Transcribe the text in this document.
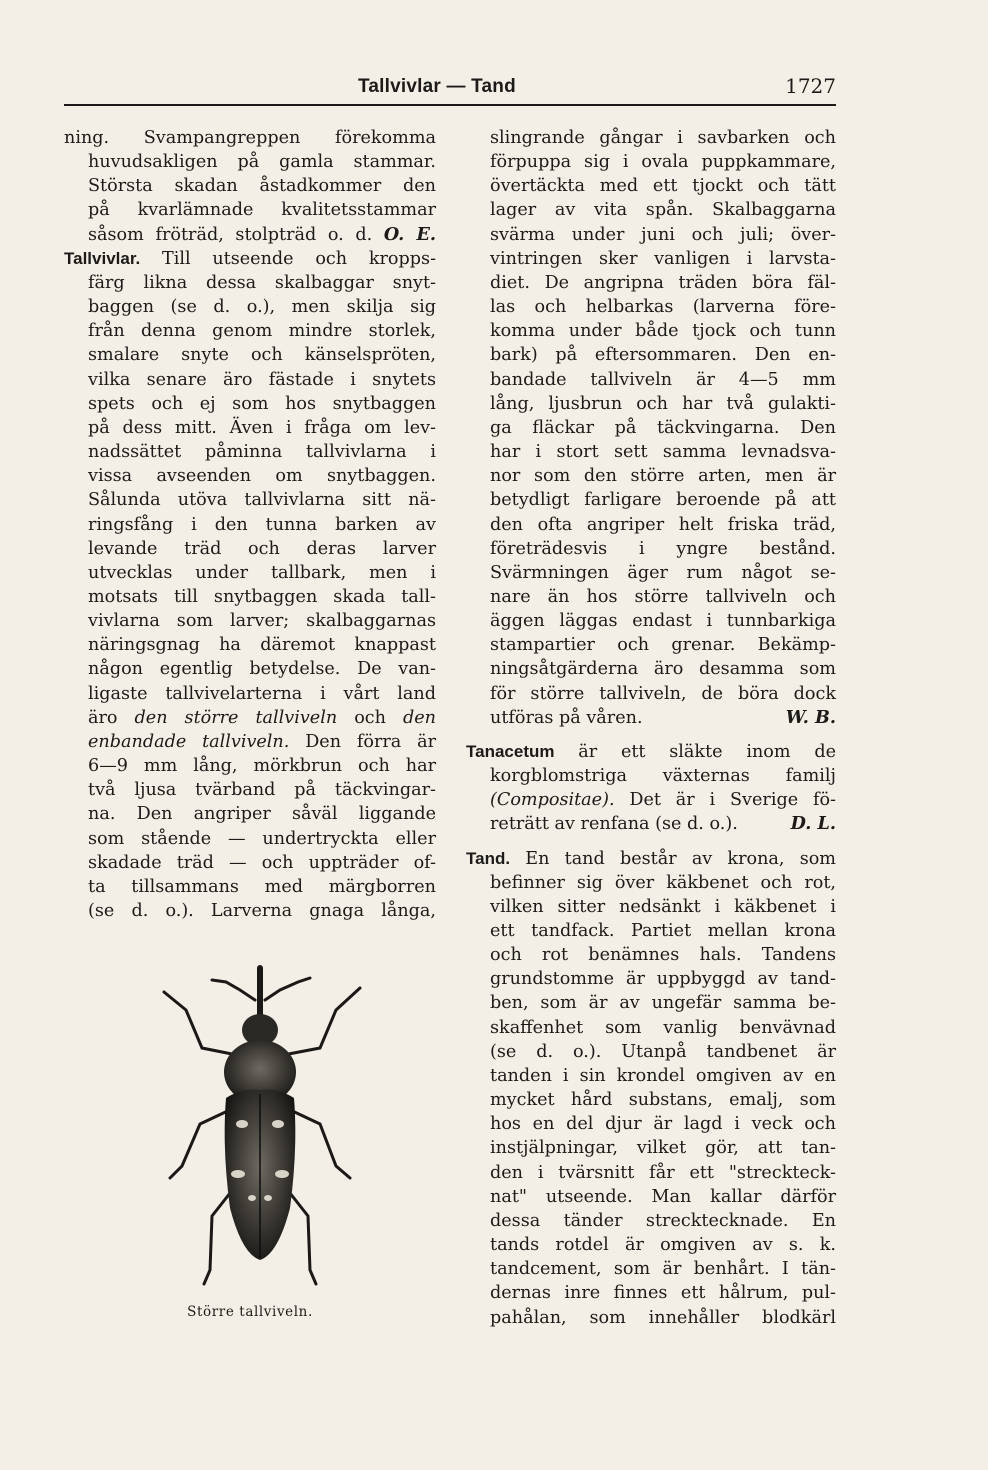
Tallvivlar — Tand	1727
ning. Svampangreppen förekomma
huvudsakligen på gamla stammar.
Största skadan åstadkommer den
på kvarlämnade kvalitetsstammar
såsom fröträd, stolpträd o. d. O. E.
Tallvivlar. Till utseende och kropps-
färg likna dessa skalbaggar snyt-
baggen (se d. o.), men skilja sig
från denna genom mindre storlek,
smalare snyte och känselspröten,
vilka senare äro fästade i snytets
spets och ej som hos snytbaggen
på dess mitt. Även i fråga om lev-
nadssättet påminna tallvivlarna i
vissa avseenden om snytbaggen.
Sålunda utöva tallvivlarna sitt nä-
ringsfång i den tunna barken av
levande träd och deras larver
utvecklas under tallbark, men i
motsats till snytbaggen skada tall-
vivlarna som larver; skalbaggarnas
näringsgnag ha däremot knappast
någon egentlig betydelse. De van-
ligaste tallvivelarterna i vårt land
äro den större tallviveln och den
enbandade tallviveln. Den förra är
6—9 mm lång, mörkbrun och har
två ljusa tvärband på täckvingar-
na. Den angriper såväl liggande
som stående — undertryckta eller
skadade träd — och uppträder of-
ta tillsammans med märgborren
(se d. o.). Larverna gnaga långa,
Större tallviveln.
slingrande gångar i savbarken och
förpuppa sig i ovala puppkammare,
övertäckta med ett tjockt och tätt
lager av vita spån. Skalbaggarna
svärma under juni och juli; över-
vintringen sker vanligen i larvsta-
diet. De angripna träden böra fäl-
las och helbarkas (larverna före-
komma under både tjock och tunn
bark) på eftersommaren. Den en-
bandade tallviveln är 4—5 mm
lång, ljusbrun och har två gulakti-
ga fläckar på täckvingarna. Den
har i stort sett samma levnadsva-
nor som den större arten, men är
betydligt farligare beroende på att
den ofta angriper helt friska träd,
företrädesvis i yngre bestånd.
Svärmningen äger rum något se-
nare än hos större tallviveln och
äggen läggas endast i tunnbarkiga
stampartier och grenar. Bekämp-
ningsåtgärderna äro desamma som
för större tallviveln, de böra dock
utföras på våren.	W. B.
Tanacetum är ett släkte inom de
korgblomstriga växternas familj
(Compositae). Det är i Sverige fö-
reträtt av renfana (se d. o.).	D. L.
Tand. En tand består av krona, som
befinner sig över käkbenet och rot,
vilken sitter nedsänkt i käkbenet i
ett tandfack. Partiet mellan krona
och rot benämnes hals. Tandens
grundstomme är uppbyggd av tand-
ben, som är av ungefär samma be-
skaffenhet som vanlig benvävnad
(se d. o.). Utanpå tandbenet är
tanden i sin krondel omgiven av en
mycket hård substans, emalj, som
hos en del djur är lagd i veck och
instjälpningar, vilket gör, att tan-
den i tvärsnitt får ett "streckteck-
nat" utseende. Man kallar därför
dessa tänder strecktecknade. En
tands rotdel är omgiven av s. k.
tandcement, som är benhårt. I tän-
dernas inre finnes ett hålrum, pul-
pahålan, som innehåller blodkärl
